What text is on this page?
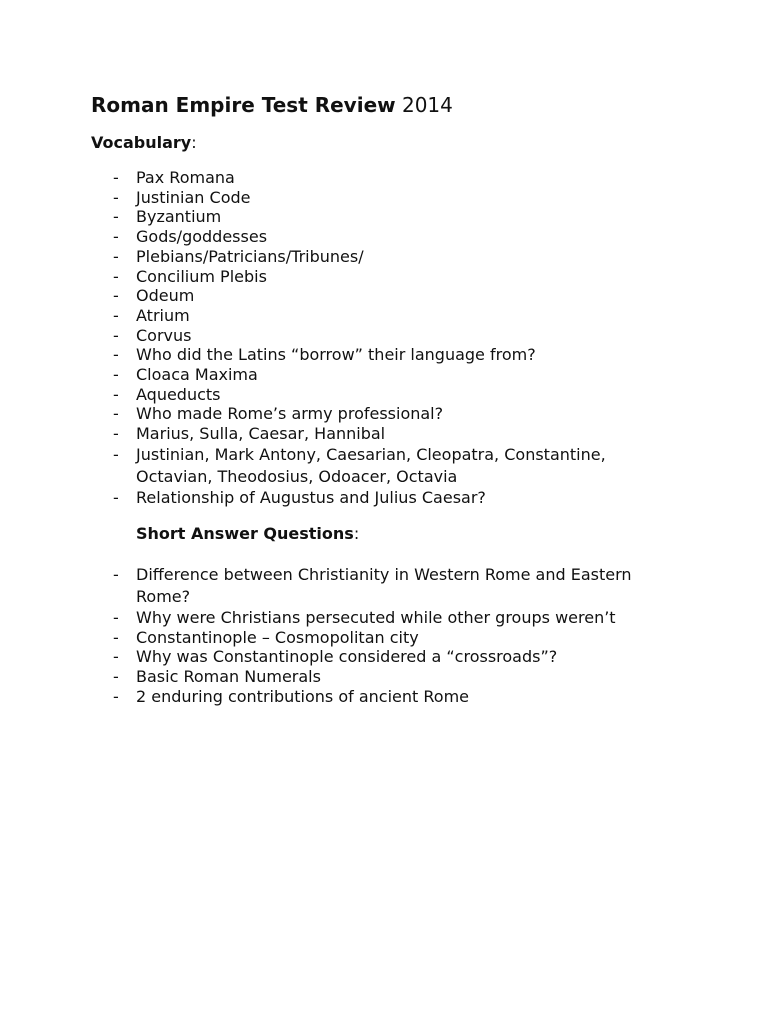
Roman Empire Test Review 2014
Vocabulary:
- Pax Romana
- Justinian Code
- Byzantium
- Gods/goddesses
- Plebians/Patricians/Tribunes/
- Concilium Plebis
- Odeum
- Atrium
- Corvus
- Who did the Latins “borrow” their language from?
- Cloaca Maxima
- Aqueducts
- Who made Rome’s army professional?
- Marius, Sulla, Caesar, Hannibal
- Justinian, Mark Antony, Caesarian, Cleopatra, Constantine,
Octavian, Theodosius, Odoacer, Octavia
- Relationship of Augustus and Julius Caesar?
Short Answer Questions:
- Difference between Christianity in Western Rome and Eastern
Rome?
- Why were Christians persecuted while other groups weren’t
- Constantinople – Cosmopolitan city
- Why was Constantinople considered a “crossroads”?
- Basic Roman Numerals
- 2 enduring contributions of ancient Rome
